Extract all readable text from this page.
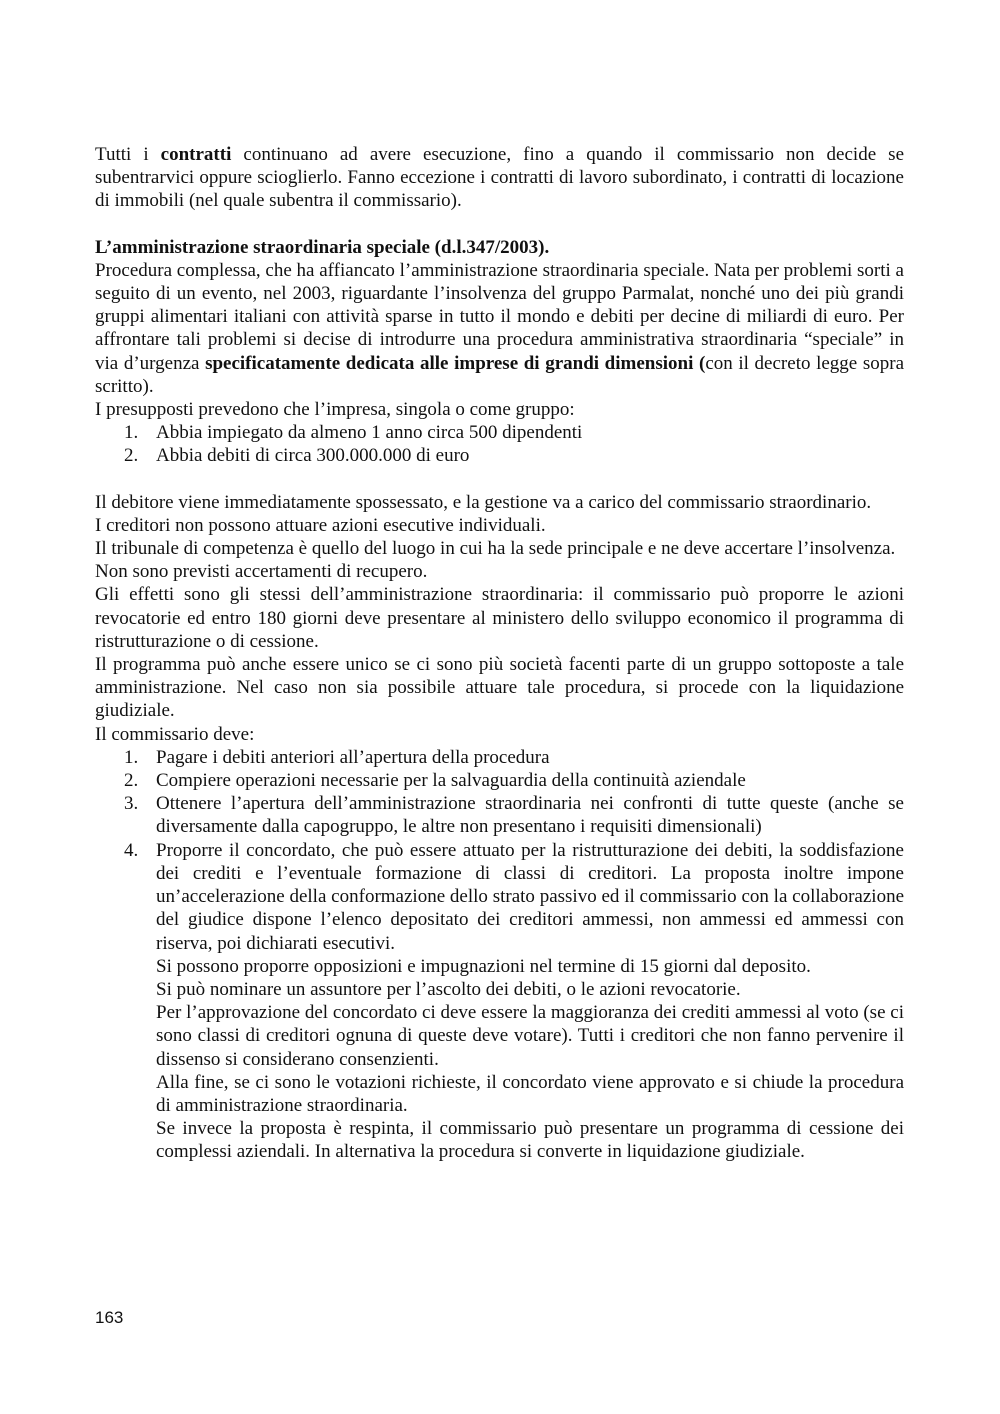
Tutti i contratti continuano ad avere esecuzione, fino a quando il commissario non decide se subentrarvici oppure scioglierlo. Fanno eccezione i contratti di lavoro subordinato, i contratti di locazione di immobili (nel quale subentra il commissario).

L’amministrazione straordinaria speciale (d.l.347/2003).

Procedura complessa, che ha affiancato l’amministrazione straordinaria speciale. Nata per problemi sorti a seguito di un evento, nel 2003, riguardante l’insolvenza del gruppo Parmalat, nonché uno dei più grandi gruppi alimentari italiani con attività sparse in tutto il mondo e debiti per decine di miliardi di euro. Per affrontare tali problemi si decise di introdurre una procedura amministrativa straordinaria “speciale” in via d’urgenza specificatamente dedicata alle imprese di grandi dimensioni (con il decreto legge sopra scritto).

I presupposti prevedono che l’impresa, singola o come gruppo:

1. Abbia impiegato da almeno 1 anno circa 500 dipendenti
2. Abbia debiti di circa 300.000.000 di euro

Il debitore viene immediatamente spossessato, e la gestione va a carico del commissario straordinario.

I creditori non possono attuare azioni esecutive individuali.

Il tribunale di competenza è quello del luogo in cui ha la sede principale e ne deve accertare l’insolvenza.

Non sono previsti accertamenti di recupero.

Gli effetti sono gli stessi dell’amministrazione straordinaria: il commissario può proporre le azioni revocatorie ed entro 180 giorni deve presentare al ministero dello sviluppo economico il programma di ristrutturazione o di cessione.

Il programma può anche essere unico se ci sono più società facenti parte di un gruppo sottoposte a tale amministrazione. Nel caso non sia possibile attuare tale procedura, si procede con la liquidazione giudiziale.

Il commissario deve:

1. Pagare i debiti anteriori all’apertura della procedura
2. Compiere operazioni necessarie per la salvaguardia della continuità aziendale
3. Ottenere l’apertura dell’amministrazione straordinaria nei confronti di tutte queste (anche se diversamente dalla capogruppo, le altre non presentano i requisiti dimensionali)
4. Proporre il concordato, che può essere attuato per la ristrutturazione dei debiti, la soddisfazione dei crediti e l’eventuale formazione di classi di creditori. La proposta inoltre impone un’accelerazione della conformazione dello strato passivo ed il commissario con la collaborazione del giudice dispone l’elenco depositato dei creditori ammessi, non ammessi ed ammessi con riserva, poi dichiarati esecutivi.

Si possono proporre opposizioni e impugnazioni nel termine di 15 giorni dal deposito.

Si può nominare un assuntore per l’ascolto dei debiti, o le azioni revocatorie.

Per l’approvazione del concordato ci deve essere la maggioranza dei crediti ammessi al voto (se ci sono classi di creditori ognuna di queste deve votare). Tutti i creditori che non fanno pervenire il dissenso si considerano consenzienti.

Alla fine, se ci sono le votazioni richieste, il concordato viene approvato e si chiude la procedura di amministrazione straordinaria.

Se invece la proposta è respinta, il commissario può presentare un programma di cessione dei complessi aziendali. In alternativa la procedura si converte in liquidazione giudiziale.

163
